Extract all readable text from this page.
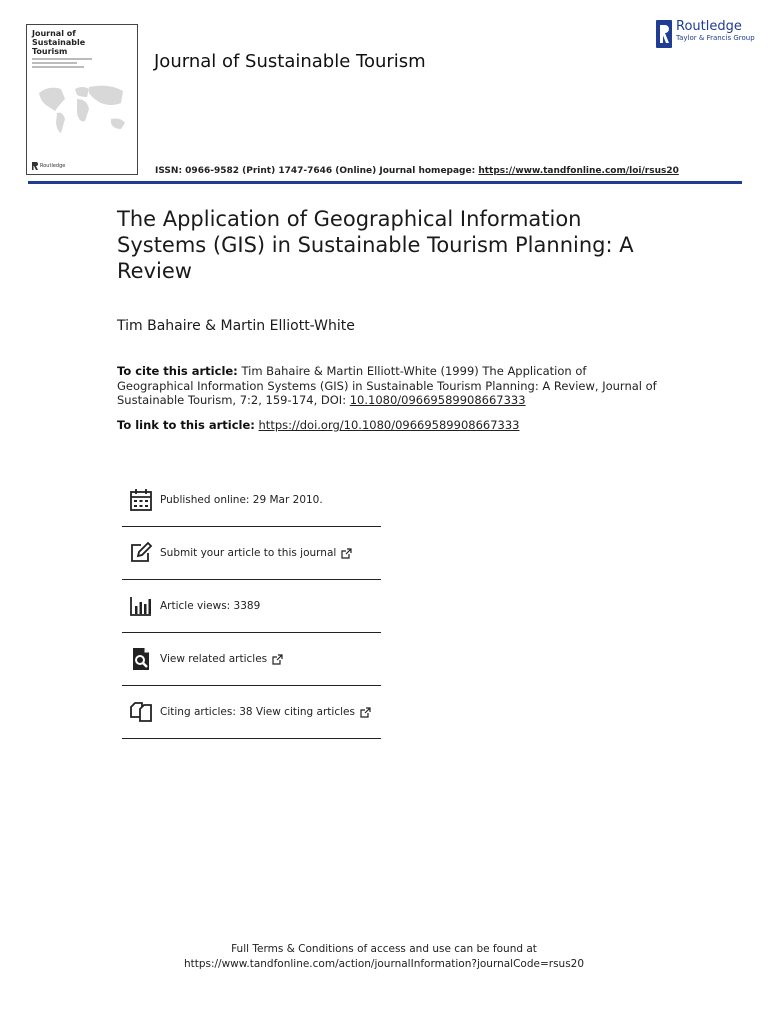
Journal of Sustainable Tourism
Routledge
Journal of Sustainable Tourism
Routledge
Taylor & Francis Group
ISSN: 0966-9582 (Print) 1747-7646 (Online) Journal homepage: https://www.tandfonline.com/loi/rsus20
The Application of Geographical Information Systems (GIS) in Sustainable Tourism Planning: A Review
Tim Bahaire & Martin Elliott-White
To cite this article: Tim Bahaire & Martin Elliott-White (1999) The Application of Geographical Information Systems (GIS) in Sustainable Tourism Planning: A Review, Journal of Sustainable Tourism, 7:2, 159-174, DOI: 10.1080/09669589908667333
To link to this article: https://doi.org/10.1080/09669589908667333
Published online: 29 Mar 2010.
Submit your article to this journal
Article views: 3389
View related articles
Citing articles: 38 View citing articles
Full Terms & Conditions of access and use can be found at
https://www.tandfonline.com/action/journalInformation?journalCode=rsus20
